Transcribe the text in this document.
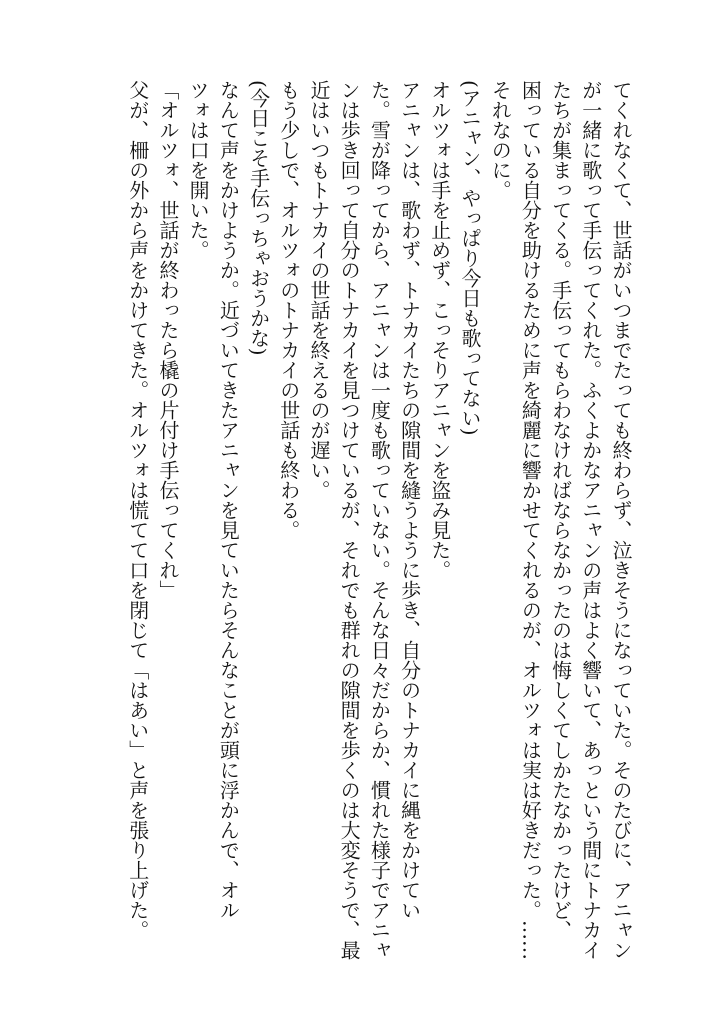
てくれなくて、世話がいつまでたっても終わらず、泣きそうになっていた。そのたびに、アニャン
が一緒に歌って手伝ってくれた。ふくよかなアニャンの声はよく響いて、あっという間にトナカイ
たちが集まってくる。手伝ってもらわなければならなかったのは悔しくてしかたなかったけど、
困っている自分を助けるために声を綺麗に響かせてくれるのが、オルツォは実は好きだった。……
それなのに。
(アニャン、やっぱり今日も歌ってない)
オルツォは手を止めず、こっそりアニャンを盗み見た。
アニャンは、歌わず、トナカイたちの隙間を縫うように歩き、自分のトナカイに縄をかけてい
た。雪が降ってから、アニャンは一度も歌っていない。そんな日々だからか、慣れた様子でアニャ
ンは歩き回って自分のトナカイを見つけているが、それでも群れの隙間を歩くのは大変そうで、最
近はいつもトナカイの世話を終えるのが遅い。
もう少しで、オルツォのトナカイの世話も終わる。
(今日こそ手伝っちゃおうかな)
なんて声をかけようか。近づいてきたアニャンを見ていたらそんなことが頭に浮かんで、オル
ツォは口を開いた。
「オルツォ、世話が終わったら橇の片付け手伝ってくれ」
父が、柵の外から声をかけてきた。オルツォは慌てて口を閉じて「はあい」と声を張り上げた。
